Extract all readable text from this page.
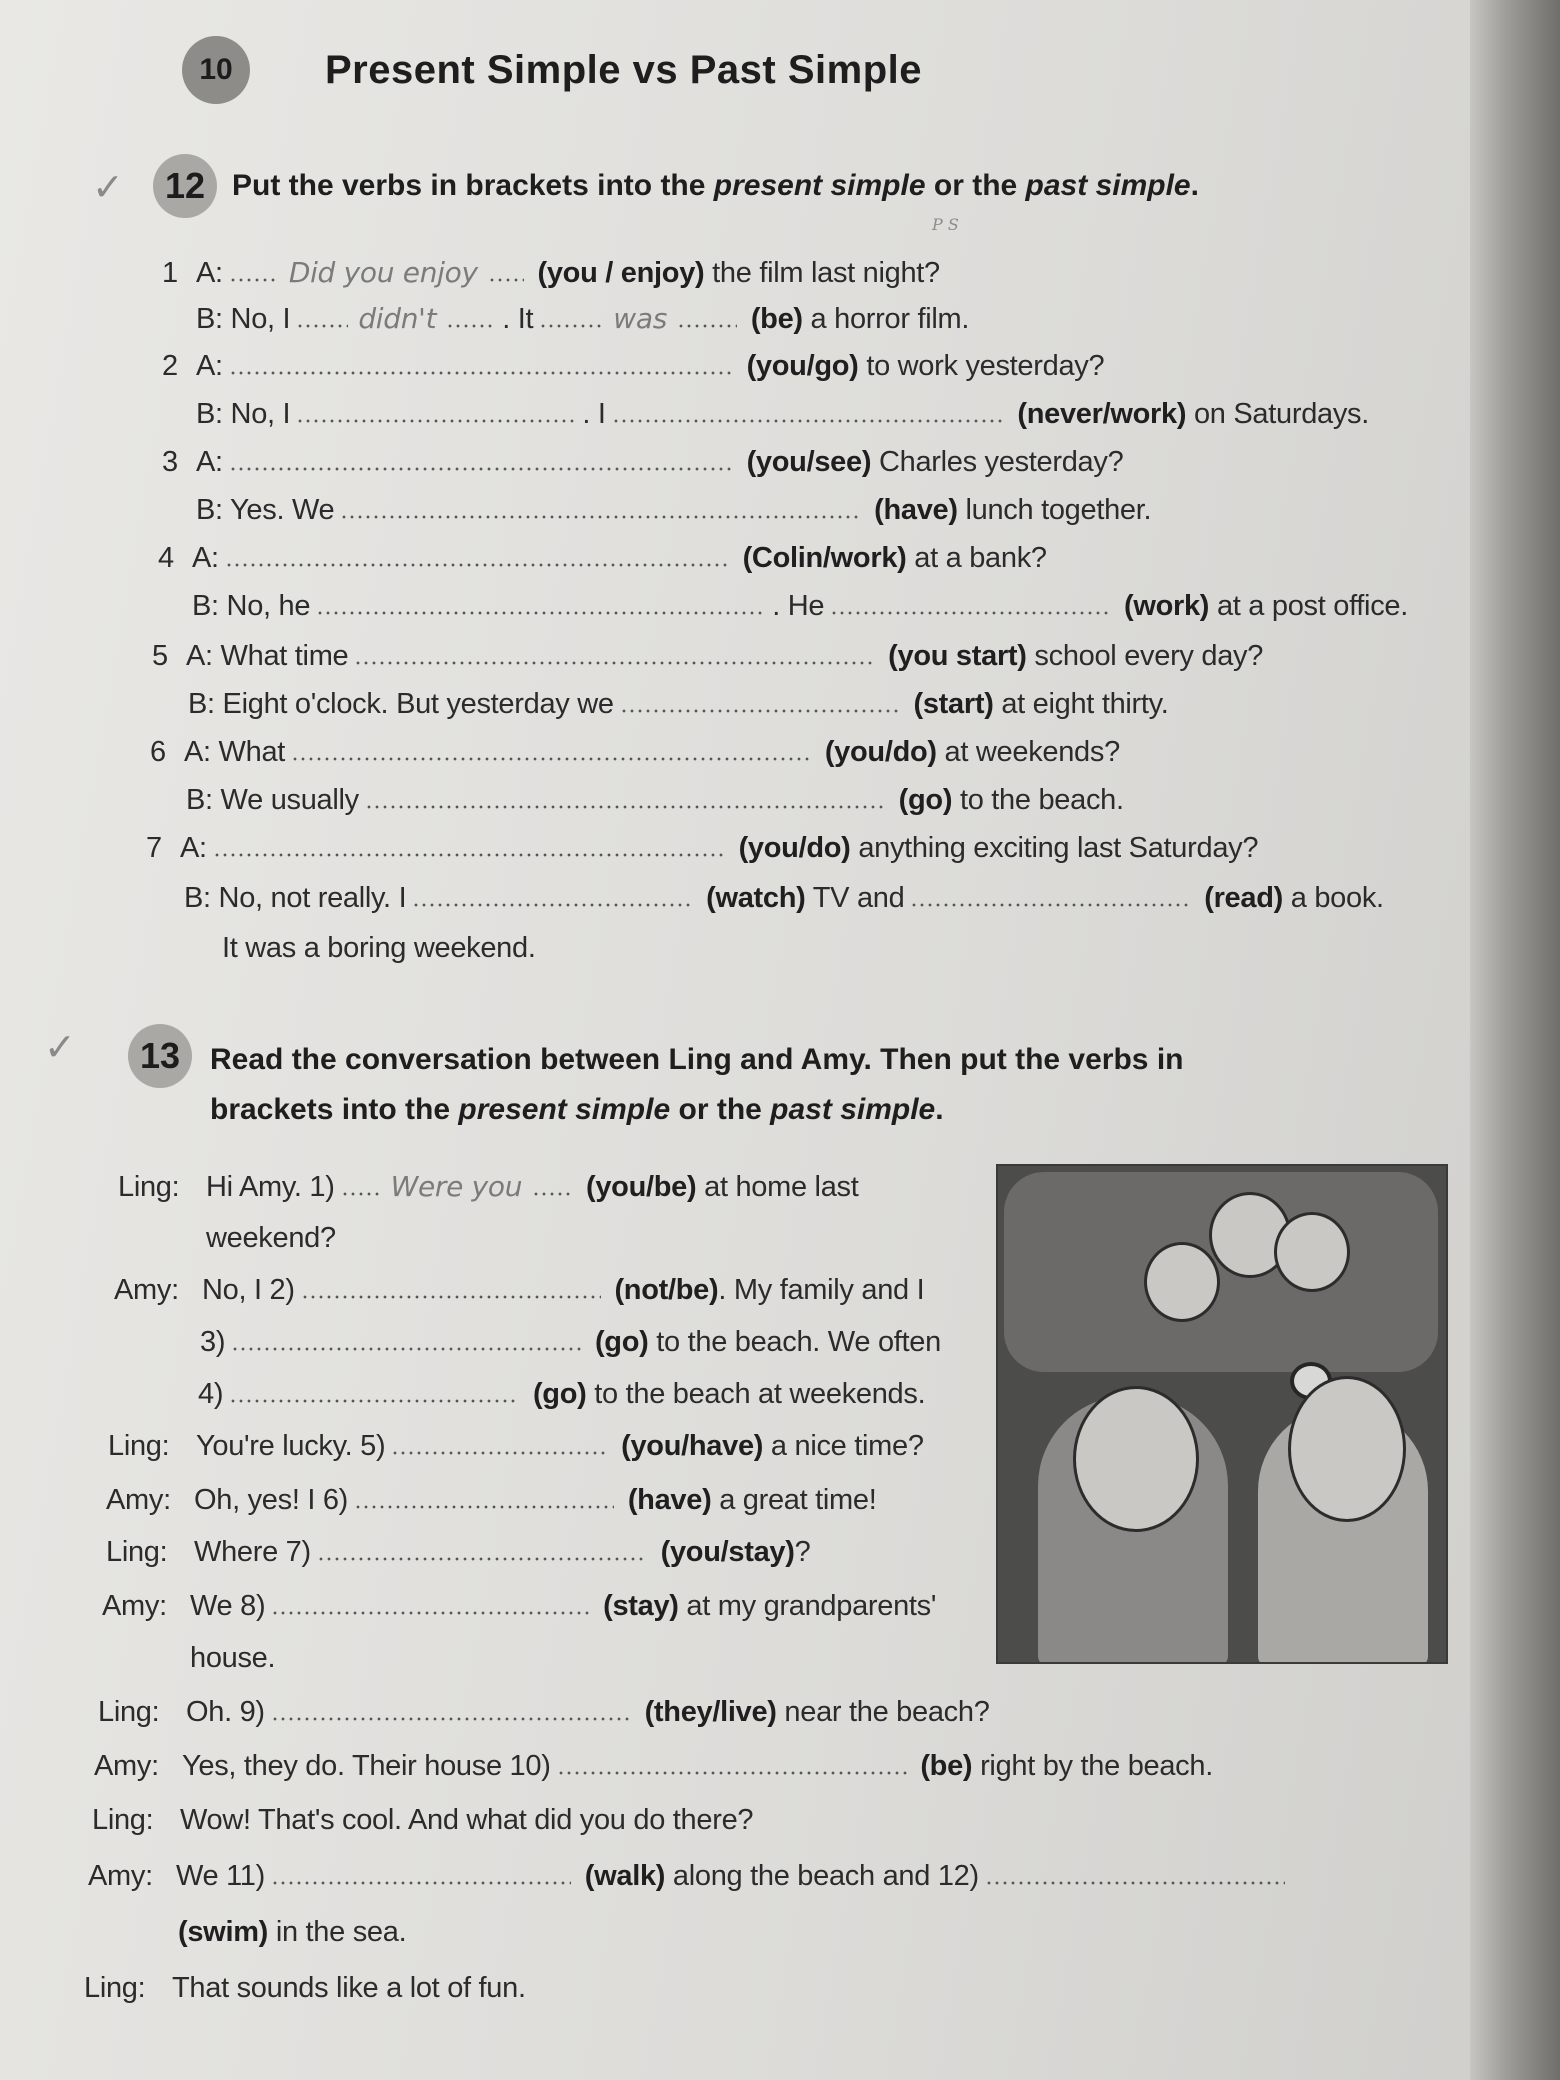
10	Present Simple vs Past Simple
✓	12 Put the verbs in brackets into the present simple or the past simple.
P S
1 A: Did you enjoy (you / enjoy) the film last night?
B: No, I didn't . It	was	(be) a horror film.
2 A:	(you/go) to work yesterday?
B: No, I	. I	(never/work) on Saturdays.
3 A:	(you/see) Charles yesterday?
B: Yes. We	(have) lunch together.
4 A:	(Colin/work) at a bank?
B: No, he	. He	(work) at a post office.
5 A: What time	(you start) school every day?
B: Eight o'clock. But yesterday we	(start) at eight thirty.
6 A: What	(you/do) at weekends?
B: We usually	(go) to the beach.
7 A:	(you/do) anything exciting last Saturday?
B: No, not really. I	(watch) TV and	(read) a book.
It was a boring weekend.
✓	13 Read the conversation between Ling and Amy. Then put the verbs in
brackets into the present simple or the past simple.
Ling: Hi Amy. 1) Were you (you/be) at home last
weekend?
Amy: No, I 2)	(not/be). My family and I
3)	(go) to the beach. We often
4)	(go) to the beach at weekends.
Ling: You're lucky. 5)	(you/have) a nice time?
Amy: Oh, yes! I 6)	(have) a great time!
Ling: Where 7)	(you/stay)?
Amy: We 8)	(stay) at my grandparents'
house.
Ling: Oh. 9)	(they/live) near the beach?
Amy: Yes, they do. Their house 10)	(be) right by the beach.
Ling: Wow! That's cool. And what did you do there?
Amy: We 11)	(walk) along the beach and 12)
(swim) in the sea.
Ling: That sounds like a lot of fun.
